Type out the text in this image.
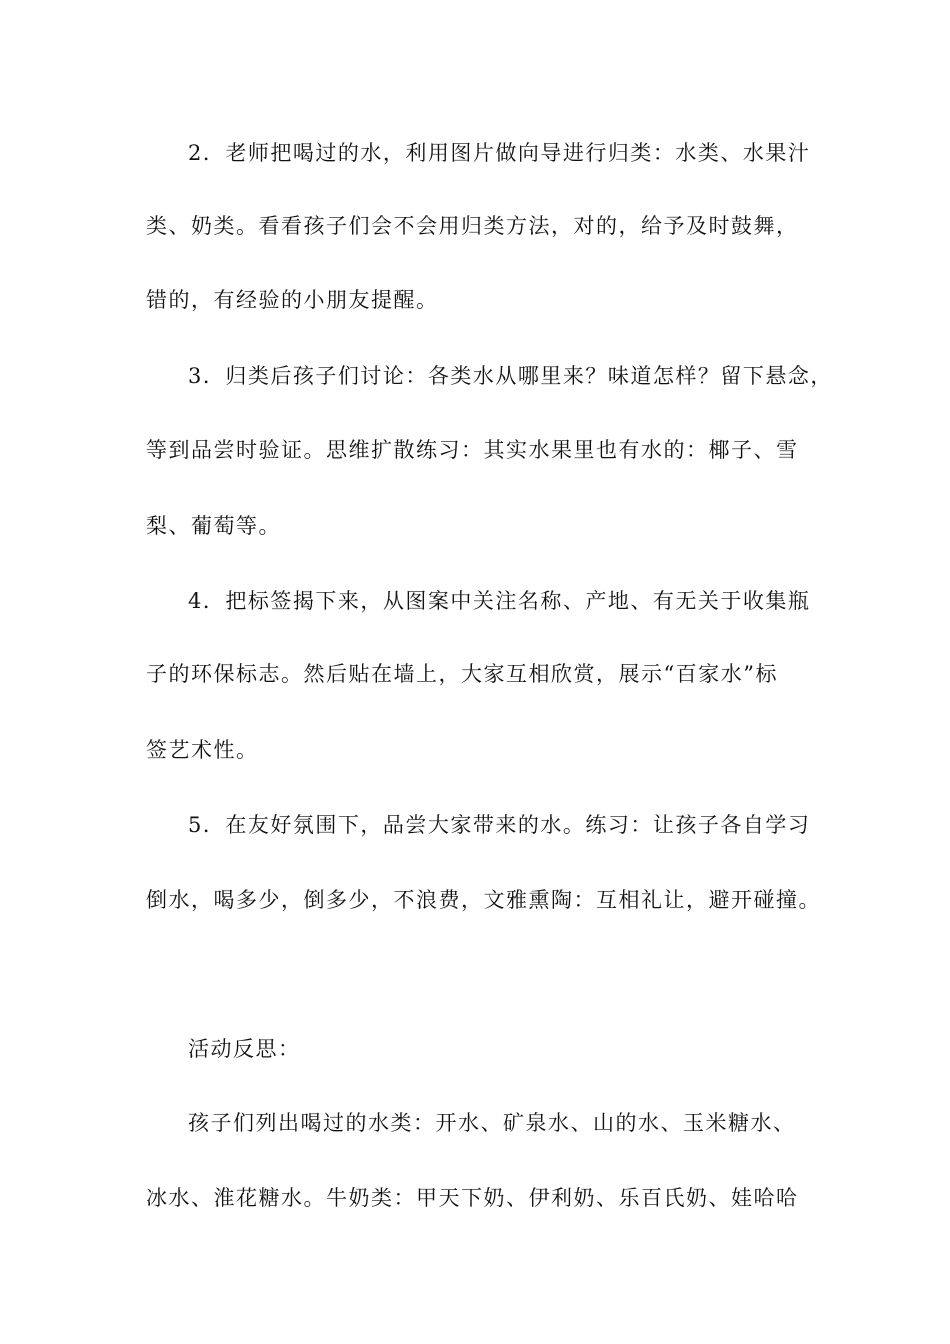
2．老师把喝过的水，利用图片做向导进行归类：水类、水果汁
类、奶类。看看孩子们会不会用归类方法，对的，给予及时鼓舞，
错的，有经验的小朋友提醒。
3．归类后孩子们讨论：各类水从哪里来？味道怎样？留下悬念，
等到品尝时验证。思维扩散练习：其实水果里也有水的：椰子、雪
梨、葡萄等。
4．把标签揭下来，从图案中关注名称、产地、有无关于收集瓶
子的环保标志。然后贴在墙上，大家互相欣赏，展示“百家水”标
签艺术性。
5．在友好氛围下，品尝大家带来的水。练习：让孩子各自学习
倒水，喝多少，倒多少，不浪费，文雅熏陶：互相礼让，避开碰撞。
活动反思：
孩子们列出喝过的水类：开水、矿泉水、山的水、玉米糖水、
冰水、淮花糖水。牛奶类：甲天下奶、伊利奶、乐百氏奶、娃哈哈
